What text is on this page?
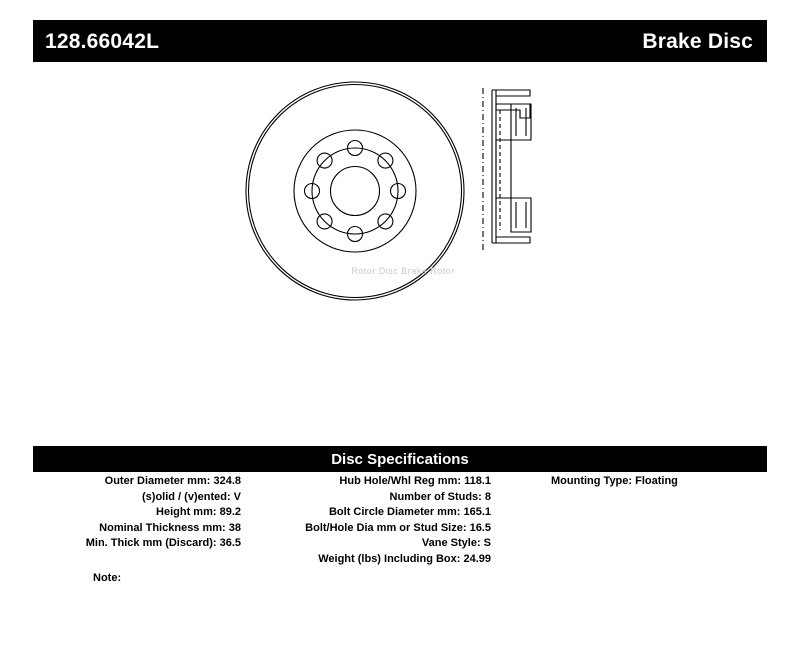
128.66042L	Brake Disc
Rotor Disc Brake Rotor
Disc Specifications
Outer Diameter mm: 324.8
(s)olid / (v)ented: V
Height mm: 89.2
Nominal Thickness mm: 38
Min. Thick mm (Discard): 36.5
Hub Hole/Whl Reg mm: 118.1
Number of Studs: 8
Bolt Circle Diameter mm: 165.1
Bolt/Hole Dia mm or Stud Size: 16.5
Vane Style: S
Weight (lbs) Including Box: 24.99
Mounting Type: Floating
Note:
